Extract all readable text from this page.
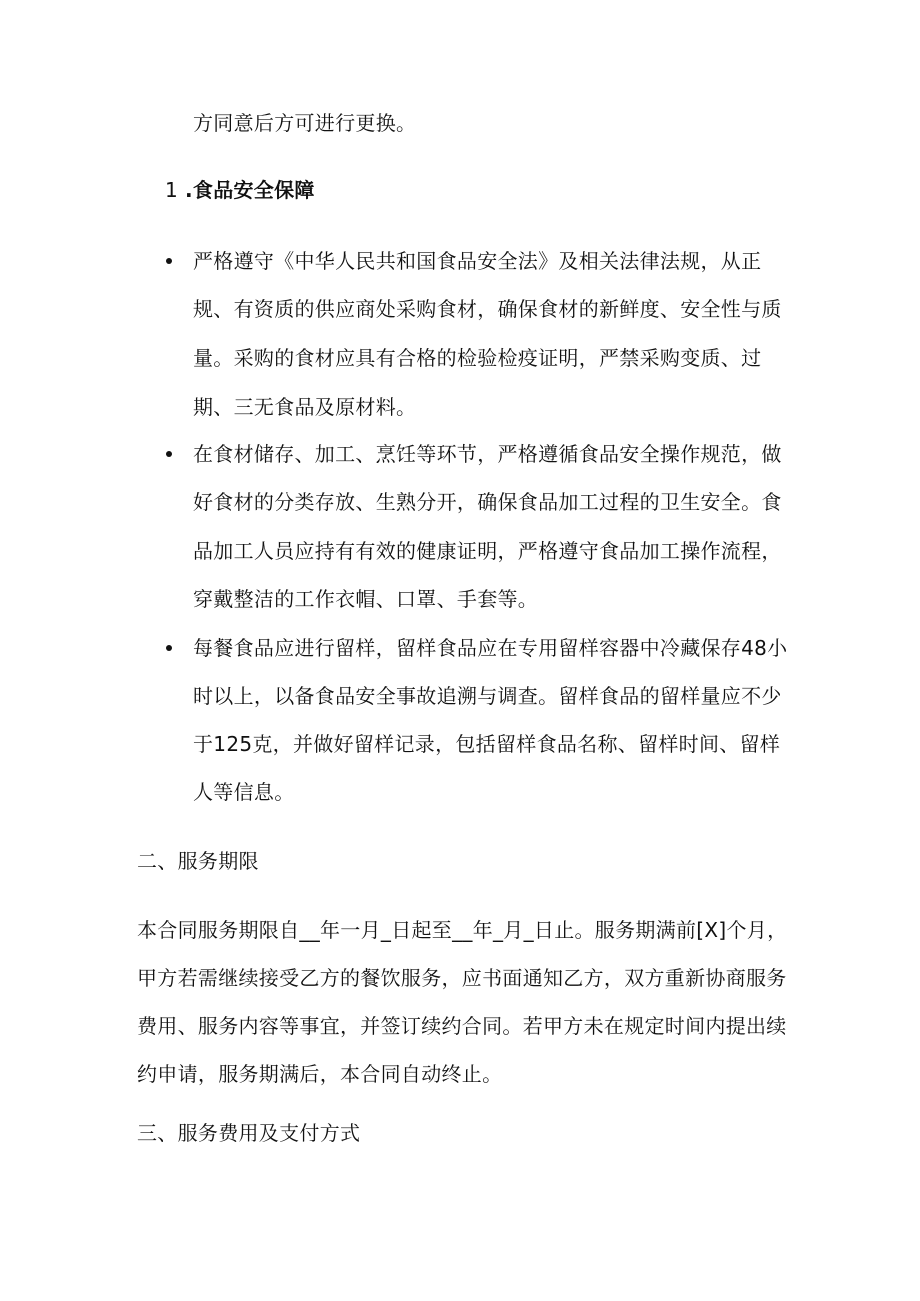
方同意后方可进行更换。
1 .食品安全保障
严格遵守《中华人民共和国食品安全法》及相关法律法规，从正
规、有资质的供应商处采购食材，确保食材的新鲜度、安全性与质
量。采购的食材应具有合格的检验检疫证明，严禁采购变质、过
期、三无食品及原材料。
在食材储存、加工、烹饪等环节，严格遵循食品安全操作规范，做
好食材的分类存放、生熟分开，确保食品加工过程的卫生安全。食
品加工人员应持有有效的健康证明，严格遵守食品加工操作流程，
穿戴整洁的工作衣帽、口罩、手套等。
每餐食品应进行留样，留样食品应在专用留样容器中冷藏保存48小
时以上，以备食品安全事故追溯与调查。留样食品的留样量应不少
于125克，并做好留样记录，包括留样食品名称、留样时间、留样
人等信息。
二、服务期限
本合同服务期限自__年一月_日起至__年_月_日止。服务期满前[X]个月，
甲方若需继续接受乙方的餐饮服务，应书面通知乙方，双方重新协商服务
费用、服务内容等事宜，并签订续约合同。若甲方未在规定时间内提出续
约申请，服务期满后，本合同自动终止。
三、服务费用及支付方式
